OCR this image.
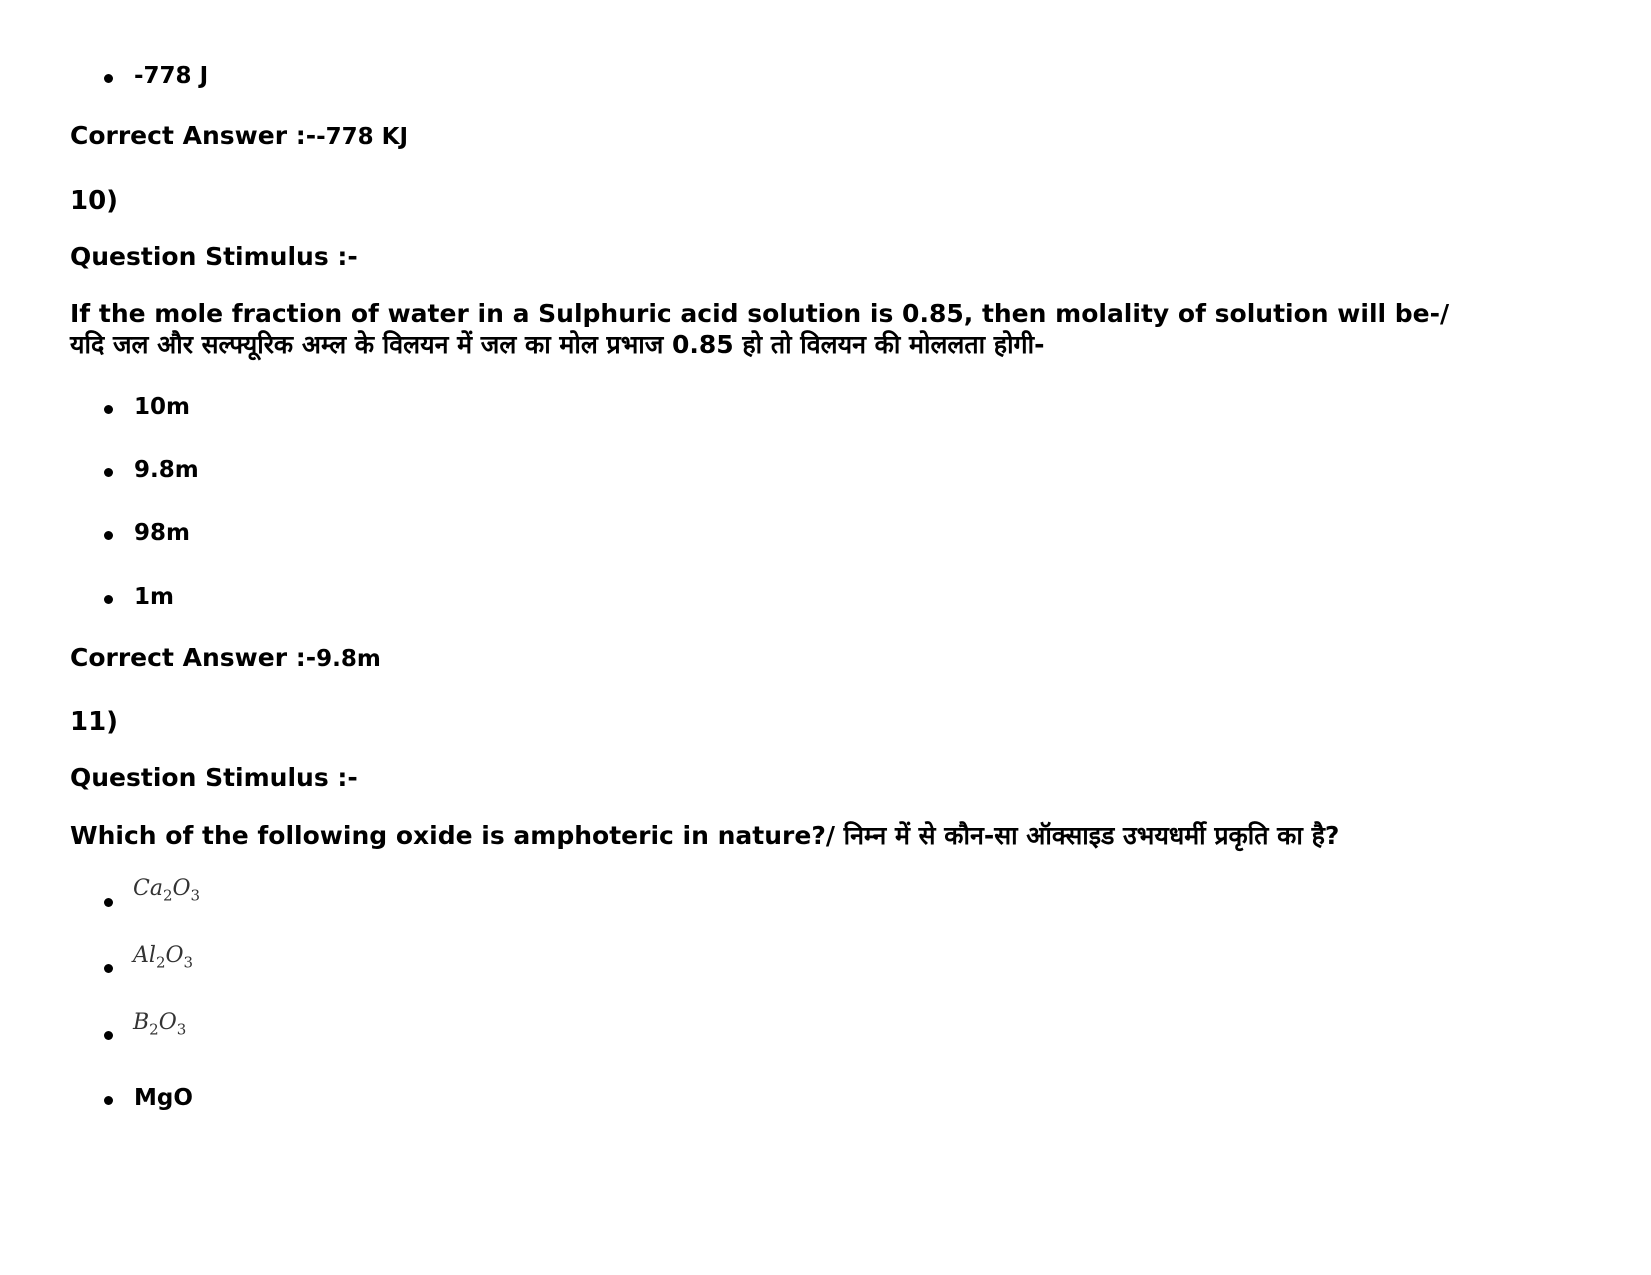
-778 J
Correct Answer :--778 KJ
10)
Question Stimulus :-
If the mole fraction of water in a Sulphuric acid solution is 0.85, then molality of solution will be-/
यदि जल और सल्फ्यूरिक अम्ल के विलयन में जल का मोल प्रभाज 0.85 हो तो विलयन की मोललता होगी-
10m
9.8m
98m
1m
Correct Answer :-9.8m
11)
Question Stimulus :-
Which of the following oxide is amphoteric in nature?/ निम्न में से कौन-सा ऑक्साइड उभयधर्मी प्रकृति का है?
$Ca_2O_3$
$Al_2O_3$
$B_2O_3$
MgO
